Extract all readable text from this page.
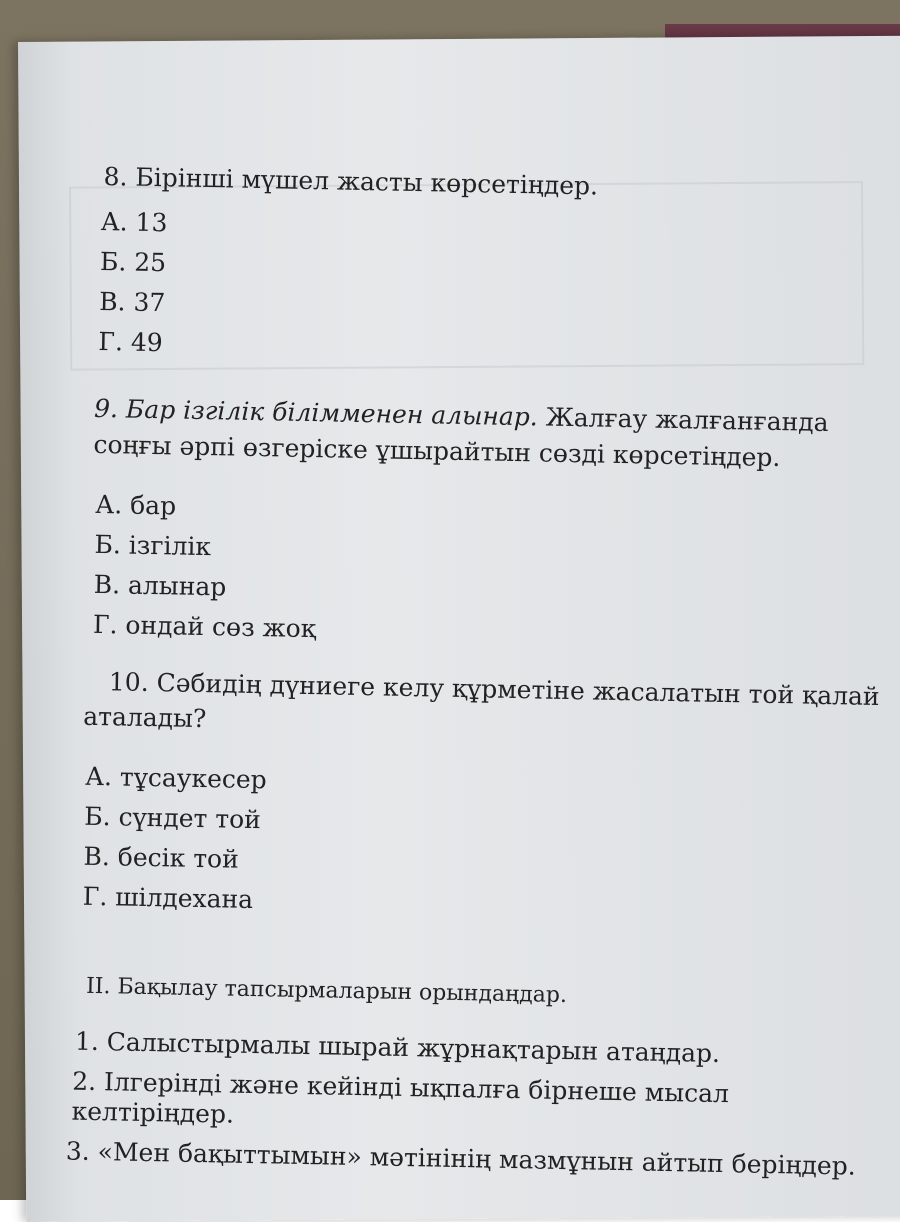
8. Бірінші мүшел жасты көрсетіңдер.
А. 13
Б. 25
В. 37
Г. 49
9. Бар ізгілік білімменен алынар. Жалғау жалғанғанда
соңғы әрпі өзгеріске ұшырайтын сөзді көрсетіңдер.
А. бар
Б. ізгілік
В. алынар
Г. ондай сөз жоқ
10. Сәбидің дүниеге келу құрметіне жасалатын той қалай
аталады?
А. тұсаукесер
Б. сүндет той
В. бесік той
Г. шілдехана
II. Бақылау тапсырмаларын орындаңдар.
1. Салыстырмалы шырай жұрнақтарын атаңдар.
2. Ілгерінді және кейінді ықпалға бірнеше мысал келтіріңдер.
3. «Мен бақыттымын» мәтінінің мазмұнын айтып беріңдер.
